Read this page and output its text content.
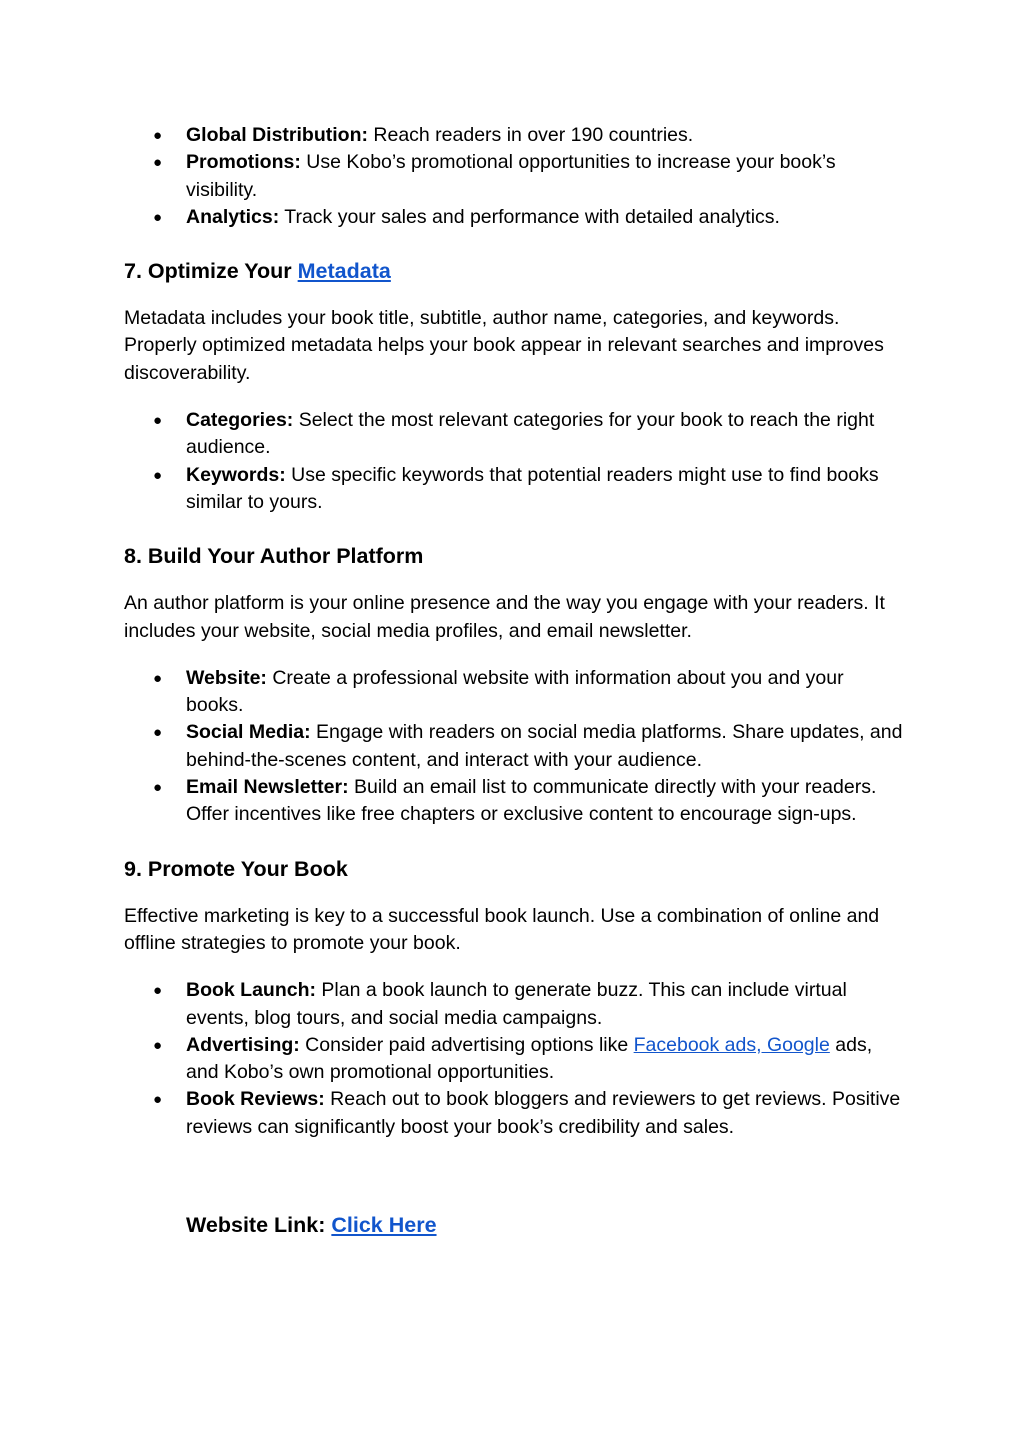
● Global Distribution: Reach readers in over 190 countries.
● Promotions: Use Kobo’s promotional opportunities to increase your book’s visibility.
● Analytics: Track your sales and performance with detailed analytics.
7. Optimize Your Metadata

Metadata includes your book title, subtitle, author name, categories, and keywords. Properly optimized metadata helps your book appear in relevant searches and improves discoverability.

● Categories: Select the most relevant categories for your book to reach the right audience.
● Keywords: Use specific keywords that potential readers might use to find books similar to yours.
8. Build Your Author Platform

An author platform is your online presence and the way you engage with your readers. It includes your website, social media profiles, and email newsletter.

● Website: Create a professional website with information about you and your books.
● Social Media: Engage with readers on social media platforms. Share updates, and behind-the-scenes content, and interact with your audience.
● Email Newsletter: Build an email list to communicate directly with your readers. Offer incentives like free chapters or exclusive content to encourage sign-ups.
9. Promote Your Book

Effective marketing is key to a successful book launch. Use a combination of online and offline strategies to promote your book.

● Book Launch: Plan a book launch to generate buzz. This can include virtual events, blog tours, and social media campaigns.
● Advertising: Consider paid advertising options like Facebook ads, Google ads, and Kobo’s own promotional opportunities.
● Book Reviews: Reach out to book bloggers and reviewers to get reviews. Positive reviews can significantly boost your book’s credibility and sales.
Website Link: Click Here
